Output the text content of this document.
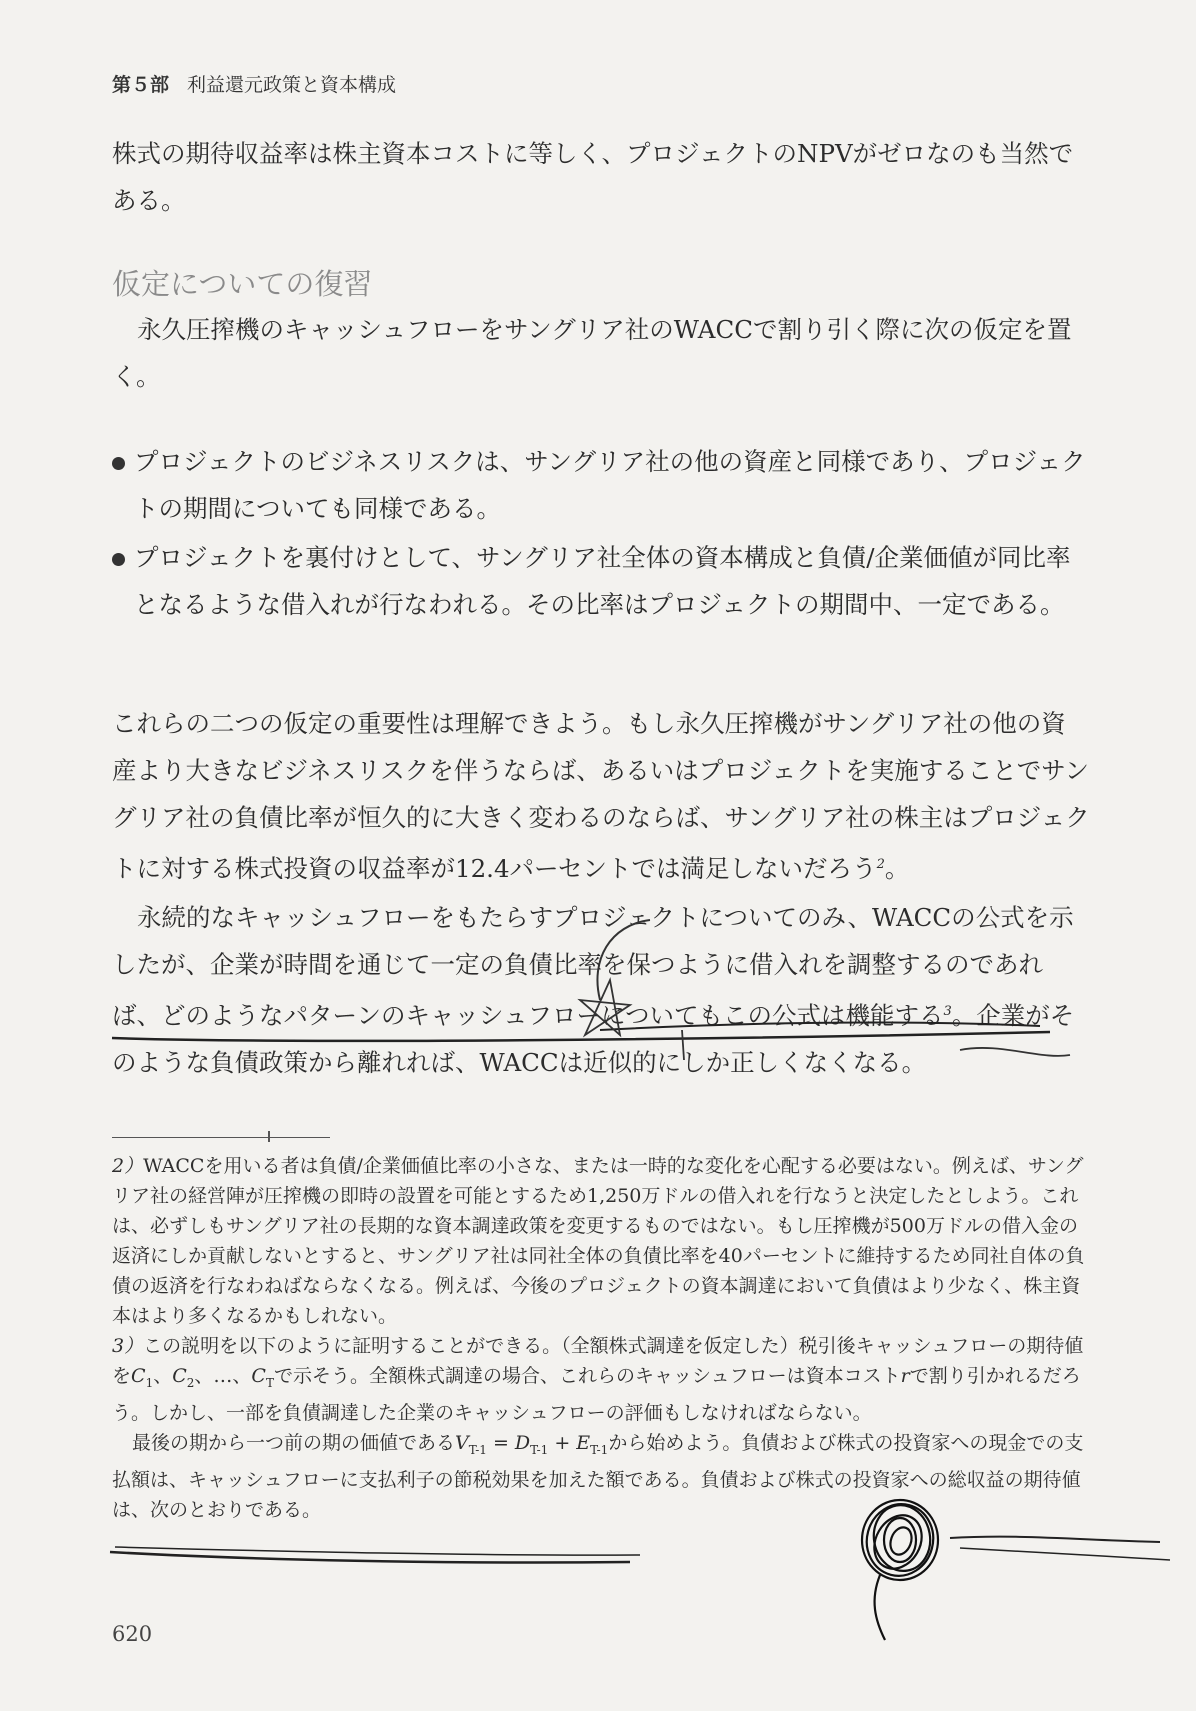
第５部 利益還元政策と資本構成

株式の期待収益率は株主資本コストに等しく、プロジェクトのNPVがゼロなのも当然である。

仮定についての復習

永久圧搾機のキャッシュフローをサングリア社のWACCで割り引く際に次の仮定を置く。

プロジェクトのビジネスリスクは、サングリア社の他の資産と同様であり、プロジェクトの期間についても同様である。
プロジェクトを裏付けとして、サングリア社全体の資本構成と負債/企業価値が同比率となるような借入れが行なわれる。その比率はプロジェクトの期間中、一定である。

これらの二つの仮定の重要性は理解できよう。もし永久圧搾機がサングリア社の他の資産より大きなビジネスリスクを伴うならば、あるいはプロジェクトを実施することでサングリア社の負債比率が恒久的に大きく変わるのならば、サングリア社の株主はプロジェクトに対する株式投資の収益率が12.4パーセントでは満足しないだろう$^2$。

永続的なキャッシュフローをもたらすプロジェクトについてのみ、WACCの公式を示したが、企業が時間を通じて一定の負債比率を保つように借入れを調整するのであれば、どのようなパターンのキャッシュフローについてもこの公式は機能する$^3$。企業がそのような負債政策から離れれば、WACCは近似的にしか正しくなくなる。

2）WACCを用いる者は負債/企業価値比率の小さな、または一時的な変化を心配する必要はない。例えば、サングリア社の経営陣が圧搾機の即時の設置を可能とするため1,250万ドルの借入れを行なうと決定したとしよう。これは、必ずしもサングリア社の長期的な資本調達政策を変更するものではない。もし圧搾機が500万ドルの借入金の返済にしか貢献しないとすると、サングリア社は同社全体の負債比率を40パーセントに維持するため同社自体の負債の返済を行なわねばならなくなる。例えば、今後のプロジェクトの資本調達において負債はより少なく、株主資本はより多くなるかもしれない。

3）この説明を以下のように証明することができる。（全額株式調達を仮定した）税引後キャッシュフローの期待値を$C_1$、$C_2$、…、$C_T$で示そう。全額株式調達の場合、これらのキャッシュフローは資本コストrで割り引かれるだろう。しかし、一部を負債調達した企業のキャッシュフローの評価もしなければならない。

最後の期から一つ前の期の価値である$V_{T-1} = D_{T-1} + E_{T-1}$から始めよう。負債および株式の投資家への現金での支払額は、キャッシュフローに支払利子の節税効果を加えた額である。負債および株式の投資家への総収益の期待値は、次のとおりである。

620
